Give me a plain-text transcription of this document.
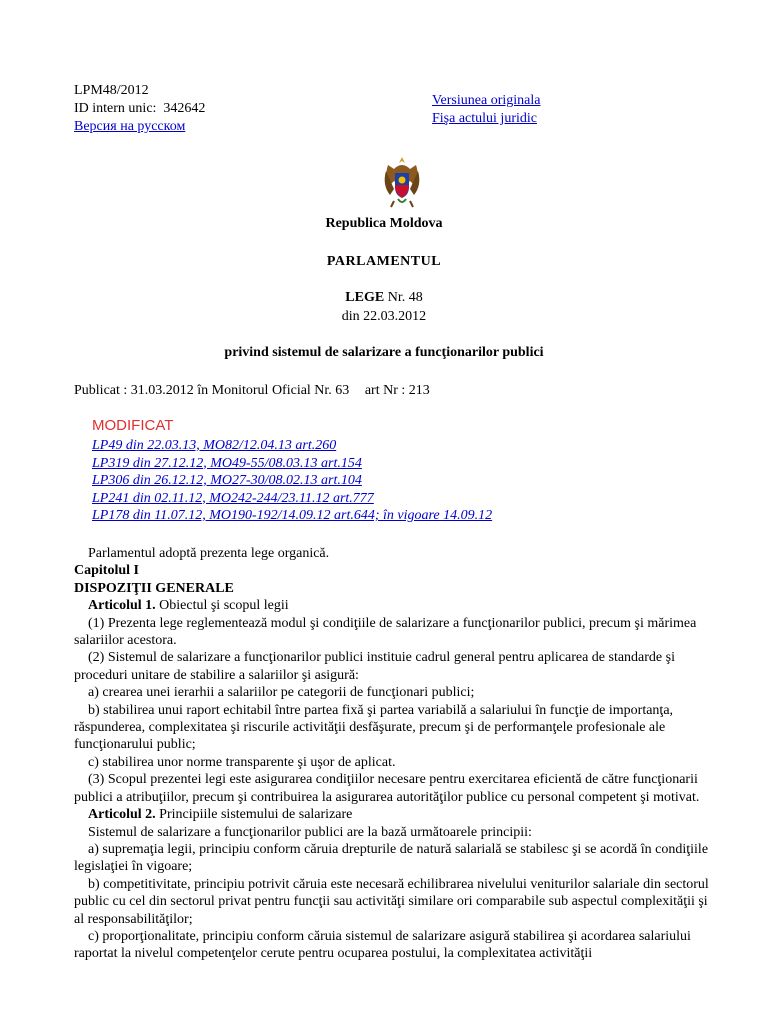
LPM48/2012
ID intern unic: 342642
Версия на русском
Versiunea originala
Fişa actului juridic
Republica Moldova
PARLAMENTUL
LEGE Nr. 48
din 22.03.2012
privind sistemul de salarizare a funcţionarilor publici
Publicat : 31.03.2012 în Monitorul Oficial Nr. 63 art Nr : 213
MODIFICAT
LP49 din 22.03.13, MO82/12.04.13 art.260
LP319 din 27.12.12, MO49-55/08.03.13 art.154
LP306 din 26.12.12, MO27-30/08.02.13 art.104
LP241 din 02.11.12, MO242-244/23.11.12 art.777
LP178 din 11.07.12, MO190-192/14.09.12 art.644; în vigoare 14.09.12

Parlamentul adoptă prezenta lege organică.

Capitolul I

DISPOZIŢII GENERALE

Articolul 1. Obiectul şi scopul legii

(1) Prezenta lege reglementează modul şi condiţiile de salarizare a funcţionarilor publici, precum şi mărimea salariilor acestora.

(2) Sistemul de salarizare a funcţionarilor publici instituie cadrul general pentru aplicarea de standarde şi proceduri unitare de stabilire a salariilor şi asigură:

a) crearea unei ierarhii a salariilor pe categorii de funcţionari publici;

b) stabilirea unui raport echitabil între partea fixă şi partea variabilă a salariului în funcţie de importanţa, răspunderea, complexitatea şi riscurile activităţii desfăşurate, precum şi de performanţele profesionale ale funcţionarului public;

c) stabilirea unor norme transparente şi uşor de aplicat.

(3) Scopul prezentei legi este asigurarea condiţiilor necesare pentru exercitarea eficientă de către funcţionarii publici a atribuţiilor, precum şi contribuirea la asigurarea autorităţilor publice cu personal competent şi motivat.

Articolul 2. Principiile sistemului de salarizare

Sistemul de salarizare a funcţionarilor publici are la bază următoarele principii:

a) supremaţia legii, principiu conform căruia drepturile de natură salarială se stabilesc şi se acordă în condiţiile legislaţiei în vigoare;

b) competitivitate, principiu potrivit căruia este necesară echilibrarea nivelului veniturilor salariale din sectorul public cu cel din sectorul privat pentru funcţii sau activităţi similare ori comparabile sub aspectul complexităţii şi al responsabilităţilor;

c) proporţionalitate, principiu conform căruia sistemul de salarizare asigură stabilirea şi acordarea salariului raportat la nivelul competenţelor cerute pentru ocuparea postului, la complexitatea activităţii
